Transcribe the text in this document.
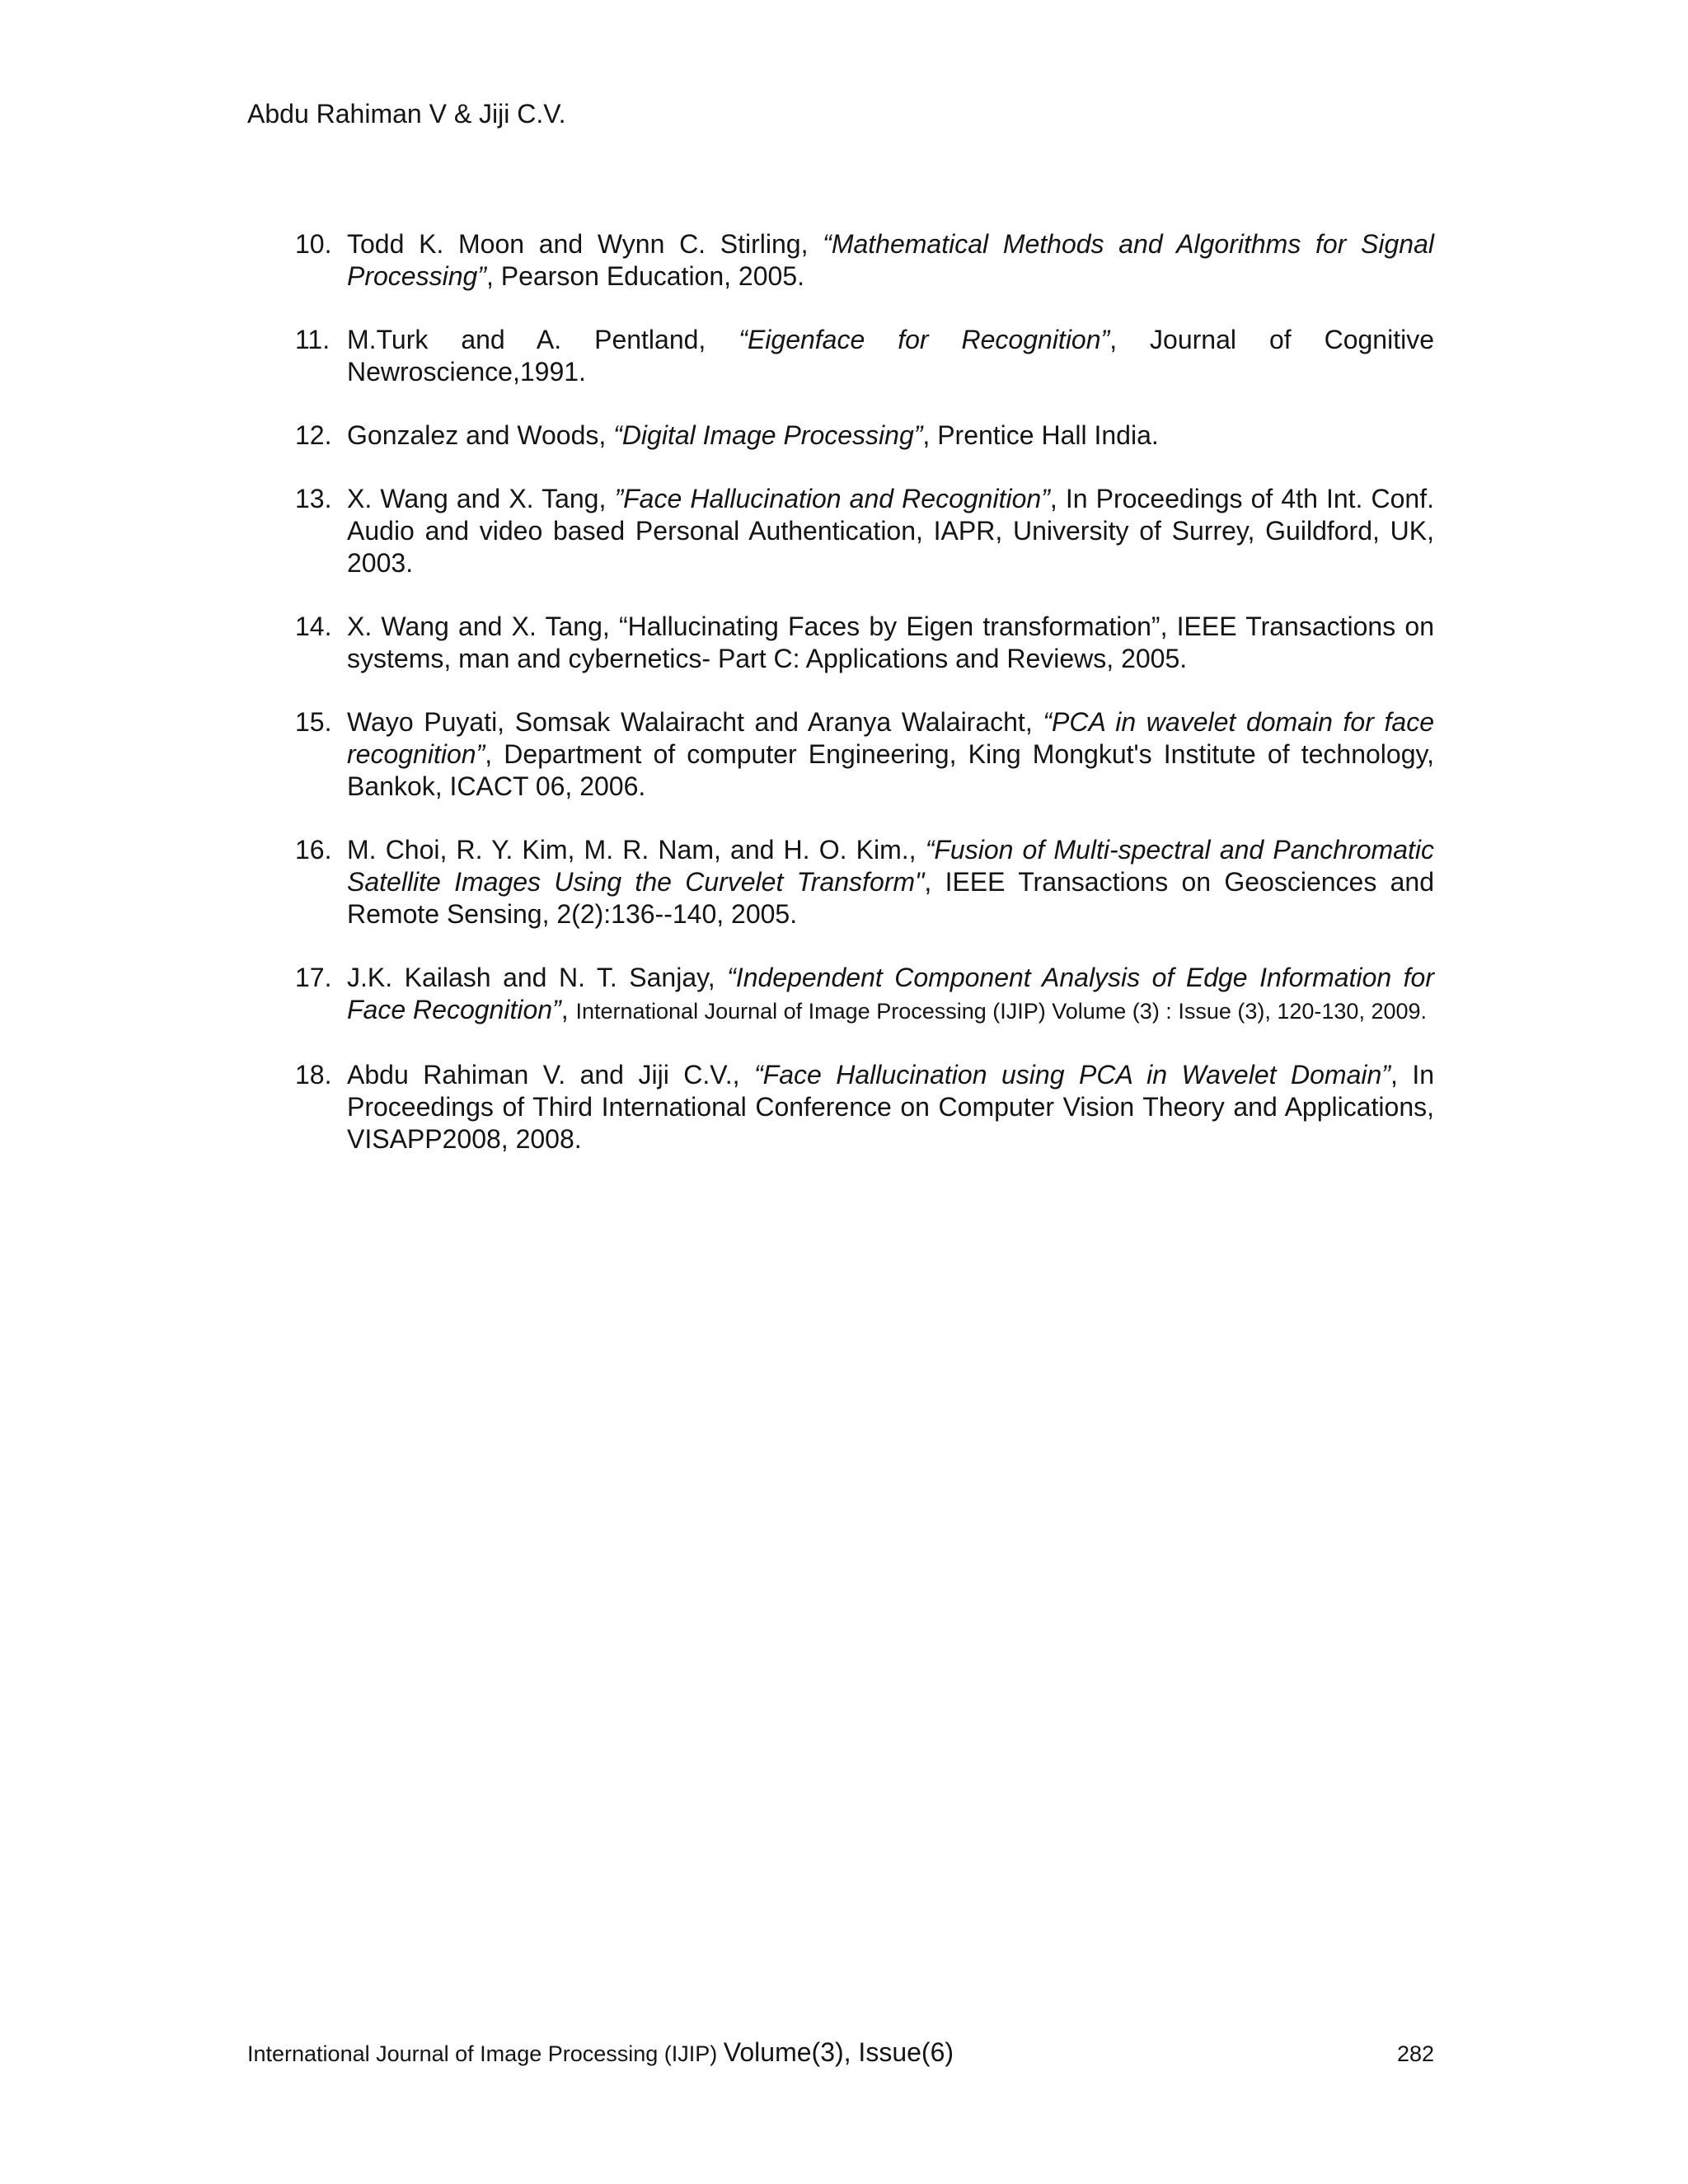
Abdu Rahiman V & Jiji C.V.
10. Todd K. Moon and Wynn C. Stirling, “Mathematical Methods and Algorithms for Signal Processing”, Pearson Education, 2005.
11. M.Turk and A. Pentland, “Eigenface for Recognition”, Journal of Cognitive Newroscience,1991.
12. Gonzalez and Woods, “Digital Image Processing”, Prentice Hall India.
13. X. Wang and X. Tang, ”Face Hallucination and Recognition”, In Proceedings of 4th Int. Conf. Audio and video based Personal Authentication, IAPR, University of Surrey, Guildford, UK, 2003.
14. X. Wang and X. Tang, “Hallucinating Faces by Eigen transformation”, IEEE Transactions on systems, man and cybernetics- Part C: Applications and Reviews, 2005.
15. Wayo Puyati, Somsak Walairacht and Aranya Walairacht, “PCA in wavelet domain for face recognition”, Department of computer Engineering, King Mongkut's Institute of technology, Bankok, ICACT 06, 2006.
16. M. Choi, R. Y. Kim, M. R. Nam, and H. O. Kim., “Fusion of Multi-spectral and Panchromatic Satellite Images Using the Curvelet Transform", IEEE Transactions on Geosciences and Remote Sensing, 2(2):136--140, 2005.
17. J.K. Kailash and N. T. Sanjay, “Independent Component Analysis of Edge Information for Face Recognition”, International Journal of Image Processing (IJIP) Volume (3) : Issue (3), 120-130, 2009.
18. Abdu Rahiman V. and Jiji C.V., “Face Hallucination using PCA in Wavelet Domain”, In Proceedings of Third International Conference on Computer Vision Theory and Applications, VISAPP2008, 2008.
International Journal of Image Processing (IJIP) Volume(3), Issue(6)	282
